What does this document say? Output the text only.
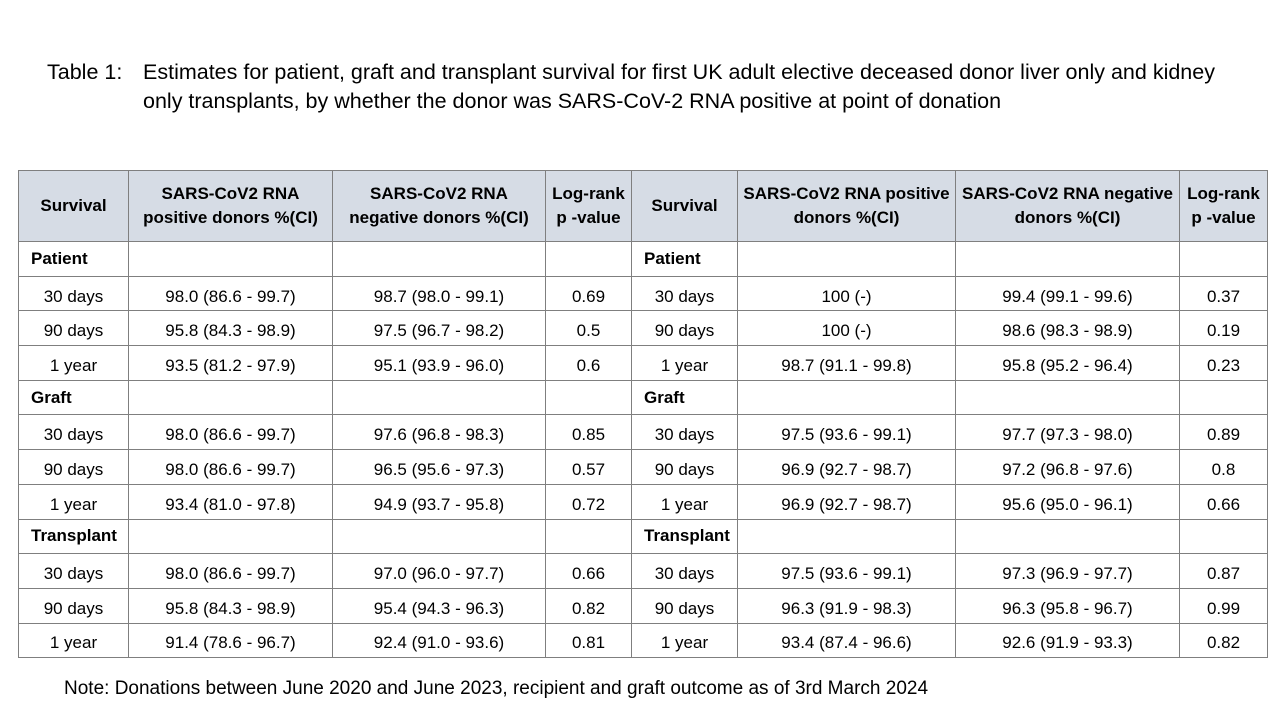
Table 1: Estimates for patient, graft and transplant survival for first UK adult elective deceased donor liver only and kidney only transplants, by whether the donor was SARS-CoV-2 RNA positive at point of donation
Survival	SARS-CoV2 RNA positive donors %(CI)	SARS-CoV2 RNA negative donors %(CI)	Log-rank p -value	Survival	SARS-CoV2 RNA positive donors %(CI)	SARS-CoV2 RNA negative donors %(CI)	Log-rank p -value
Patient				Patient			
30 days	98.0 (86.6 - 99.7)	98.7 (98.0 - 99.1)	0.69	30 days	100 (-)	99.4 (99.1 - 99.6)	0.37
90 days	95.8 (84.3 - 98.9)	97.5 (96.7 - 98.2)	0.5	90 days	100 (-)	98.6 (98.3 - 98.9)	0.19
1 year	93.5 (81.2 - 97.9)	95.1 (93.9 - 96.0)	0.6	1 year	98.7 (91.1 - 99.8)	95.8 (95.2 - 96.4)	0.23
Graft				Graft			
30 days	98.0 (86.6 - 99.7)	97.6 (96.8 - 98.3)	0.85	30 days	97.5 (93.6 - 99.1)	97.7 (97.3 - 98.0)	0.89
90 days	98.0 (86.6 - 99.7)	96.5 (95.6 - 97.3)	0.57	90 days	96.9 (92.7 - 98.7)	97.2 (96.8 - 97.6)	0.8
1 year	93.4 (81.0 - 97.8)	94.9 (93.7 - 95.8)	0.72	1 year	96.9 (92.7 - 98.7)	95.6 (95.0 - 96.1)	0.66
Transplant				Transplant			
30 days	98.0 (86.6 - 99.7)	97.0 (96.0 - 97.7)	0.66	30 days	97.5 (93.6 - 99.1)	97.3 (96.9 - 97.7)	0.87
90 days	95.8 (84.3 - 98.9)	95.4 (94.3 - 96.3)	0.82	90 days	96.3 (91.9 - 98.3)	96.3 (95.8 - 96.7)	0.99
1 year	91.4 (78.6 - 96.7)	92.4 (91.0 - 93.6)	0.81	1 year	93.4 (87.4 - 96.6)	92.6 (91.9 - 93.3)	0.82
Note: Donations between June 2020 and June 2023, recipient and graft outcome as of 3rd March 2024
